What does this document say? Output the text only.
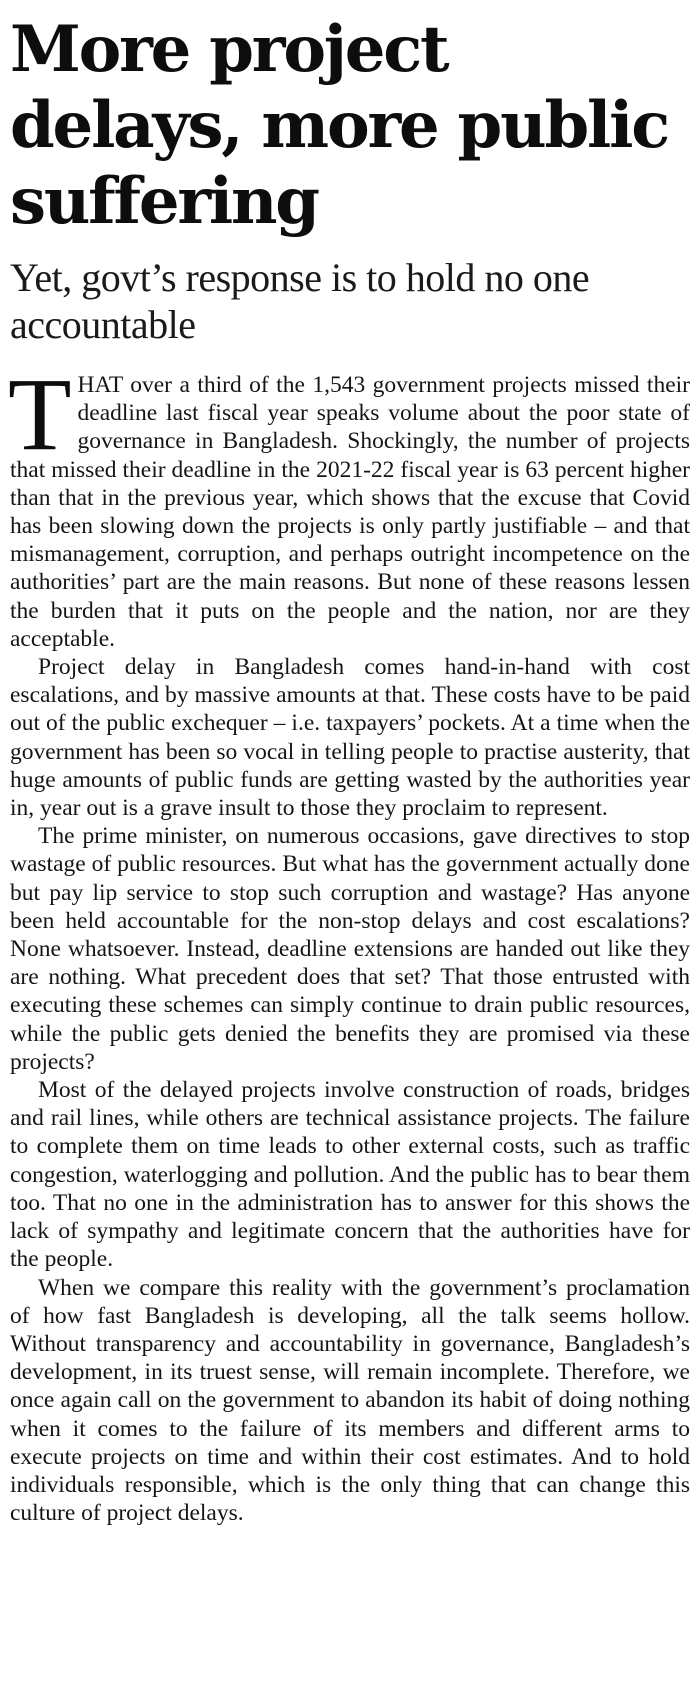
More project delays, more public suffering
Yet, govt’s response is to hold no one accountable

THAT over a third of the 1,543 government projects missed their deadline last fiscal year speaks volume about the poor state of governance in Bangladesh. Shockingly, the number of projects that missed their deadline in the 2021-22 fiscal year is 63 percent higher than that in the previous year, which shows that the excuse that Covid has been slowing down the projects is only partly justifiable – and that mismanagement, corruption, and perhaps outright incompetence on the authorities’ part are the main reasons. But none of these reasons lessen the burden that it puts on the people and the nation, nor are they acceptable.

Project delay in Bangladesh comes hand-in-hand with cost escalations, and by massive amounts at that. These costs have to be paid out of the public exchequer – i.e. taxpayers’ pockets. At a time when the government has been so vocal in telling people to practise austerity, that huge amounts of public funds are getting wasted by the authorities year in, year out is a grave insult to those they proclaim to represent.

The prime minister, on numerous occasions, gave directives to stop wastage of public resources. But what has the government actually done but pay lip service to stop such corruption and wastage? Has anyone been held accountable for the non-stop delays and cost escalations? None whatsoever. Instead, deadline extensions are handed out like they are nothing. What precedent does that set? That those entrusted with executing these schemes can simply continue to drain public resources, while the public gets denied the benefits they are promised via these projects?

Most of the delayed projects involve construction of roads, bridges and rail lines, while others are technical assistance projects. The failure to complete them on time leads to other external costs, such as traffic congestion, waterlogging and pollution. And the public has to bear them too. That no one in the administration has to answer for this shows the lack of sympathy and legitimate concern that the authorities have for the people.

When we compare this reality with the government’s proclamation of how fast Bangladesh is developing, all the talk seems hollow. Without transparency and accountability in governance, Bangladesh’s development, in its truest sense, will remain incomplete. Therefore, we once again call on the government to abandon its habit of doing nothing when it comes to the failure of its members and different arms to execute projects on time and within their cost estimates. And to hold individuals responsible, which is the only thing that can change this culture of project delays.
